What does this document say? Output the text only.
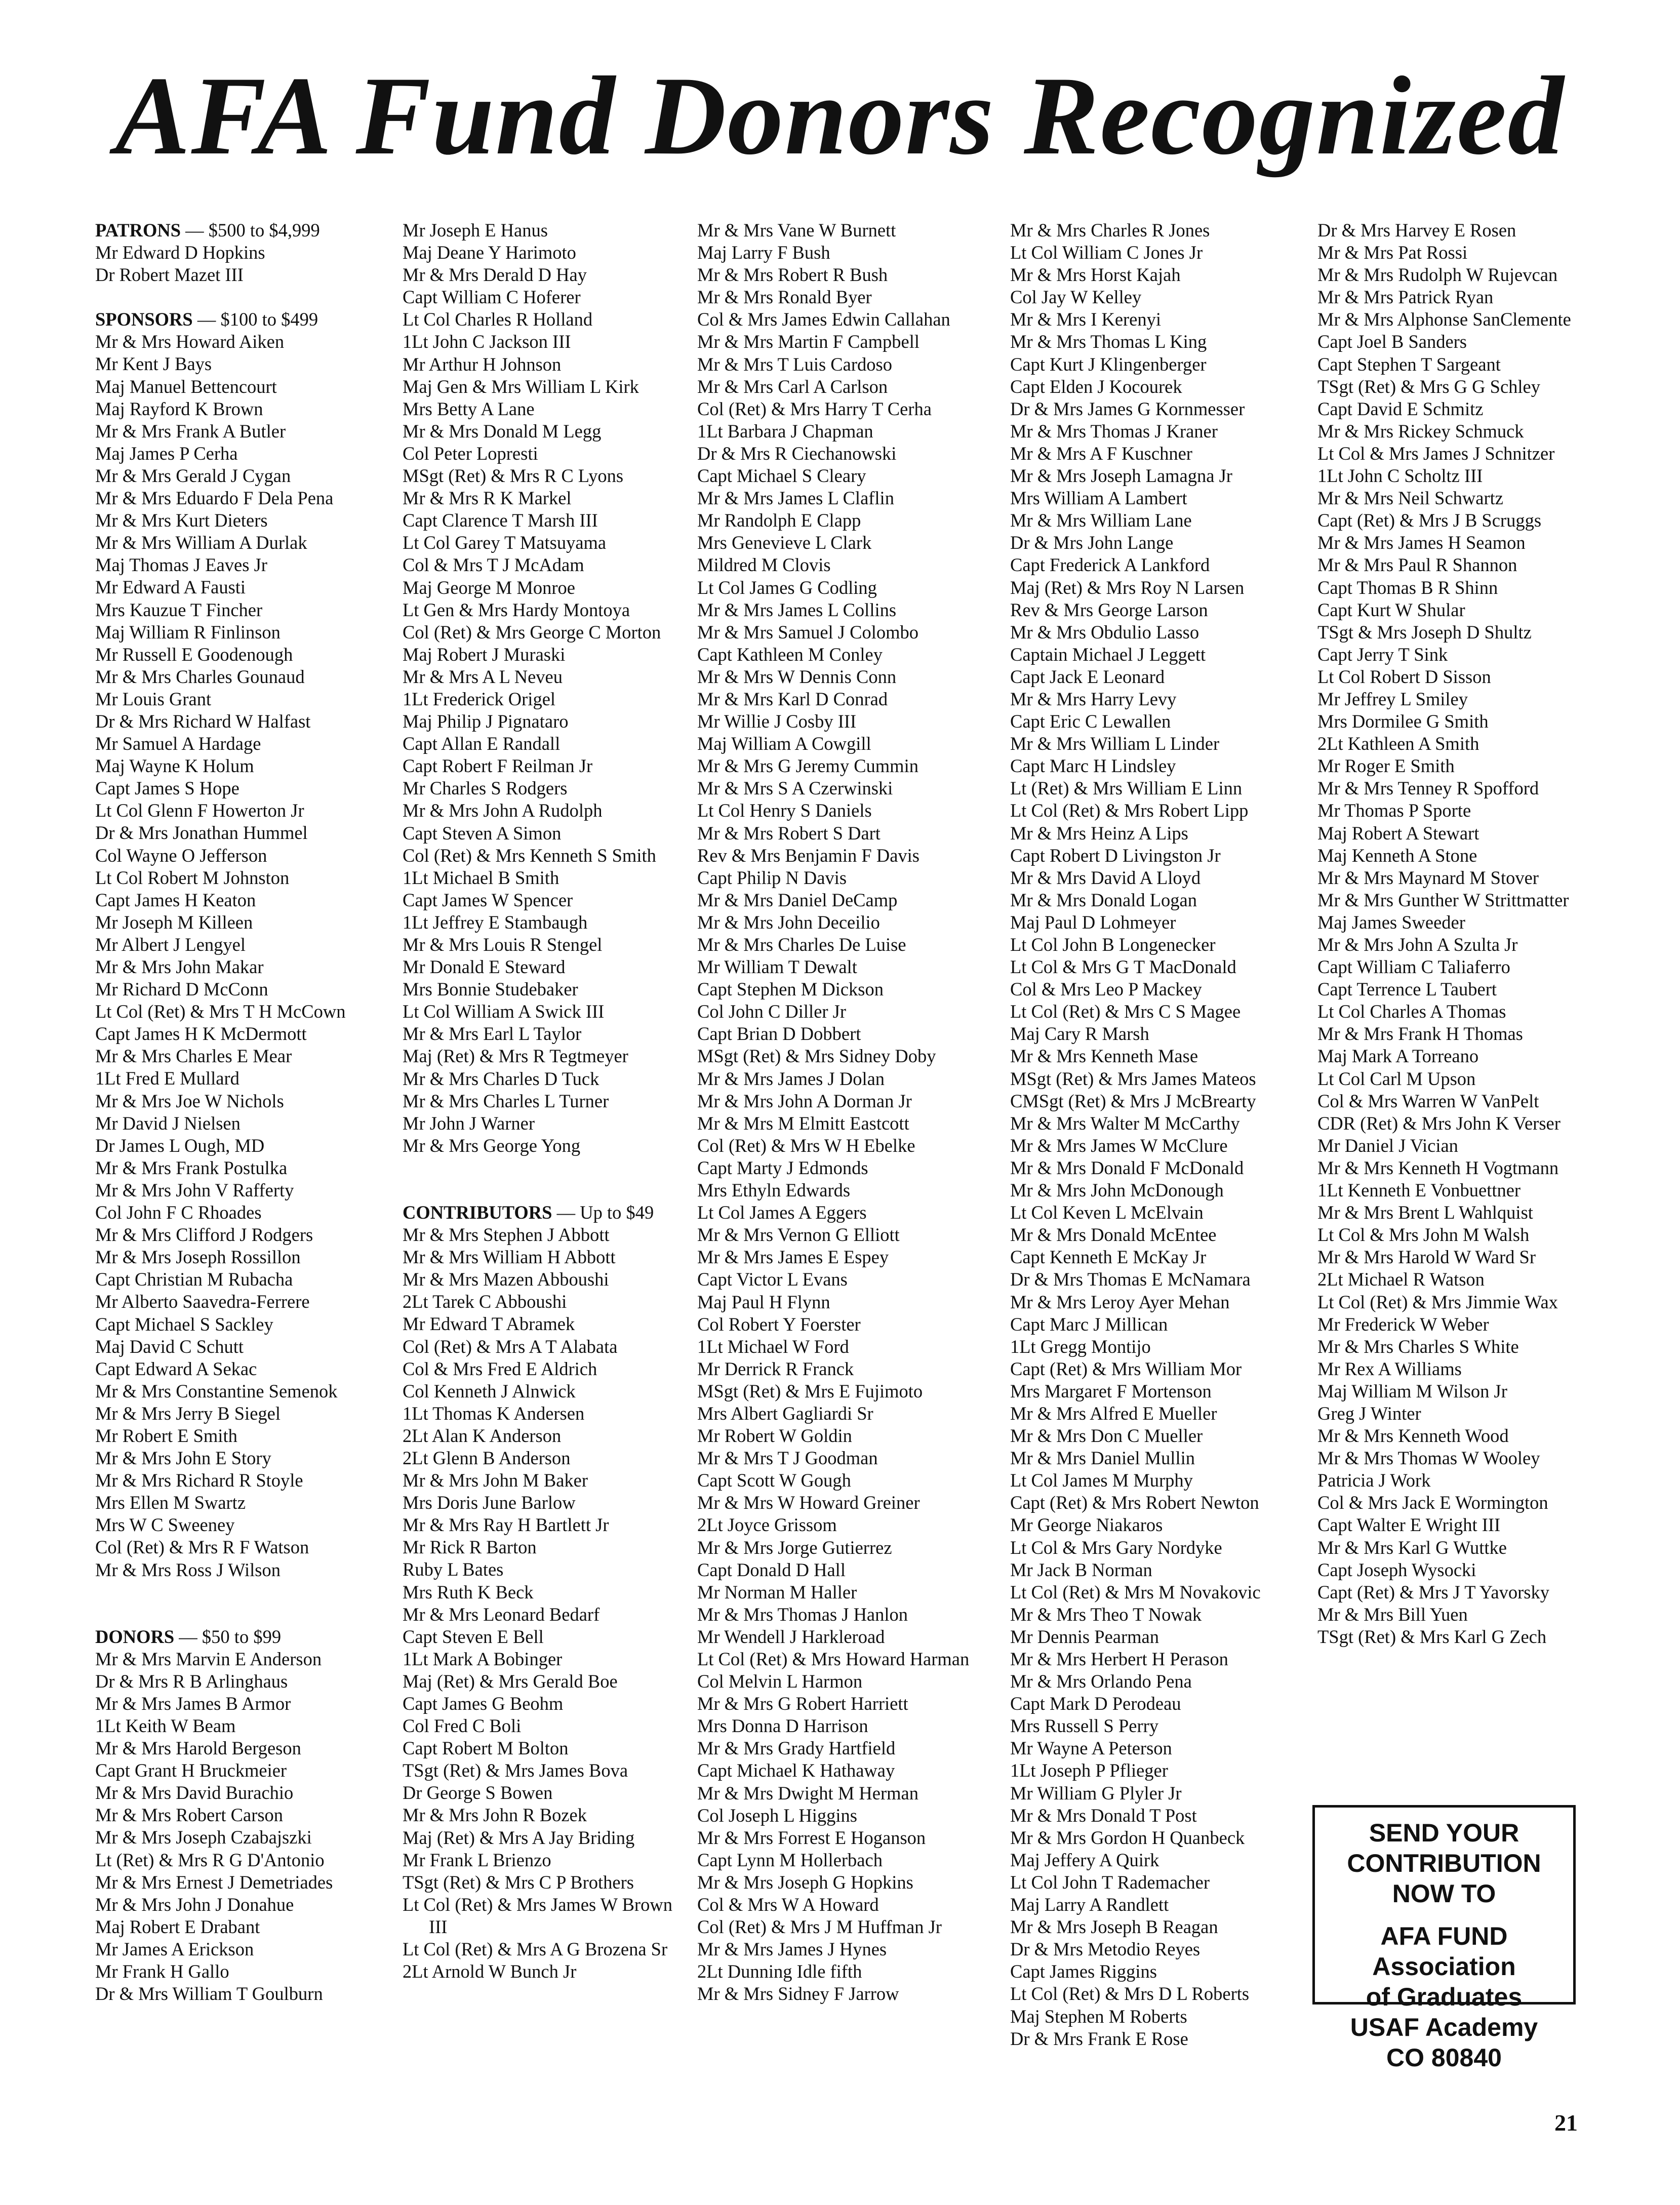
AFA Fund Donors Recognized
PATRONS — $500 to $4,999
Mr Edward D Hopkins
Dr Robert Mazet III
SPONSORS — $100 to $499
Mr & Mrs Howard Aiken
Mr Kent J Bays
Maj Manuel Bettencourt
Maj Rayford K Brown
Mr & Mrs Frank A Butler
Maj James P Cerha
Mr & Mrs Gerald J Cygan
Mr & Mrs Eduardo F Dela Pena
Mr & Mrs Kurt Dieters
Mr & Mrs William A Durlak
Maj Thomas J Eaves Jr
Mr Edward A Fausti
Mrs Kauzue T Fincher
Maj William R Finlinson
Mr Russell E Goodenough
Mr & Mrs Charles Gounaud
Mr Louis Grant
Dr & Mrs Richard W Halfast
Mr Samuel A Hardage
Maj Wayne K Holum
Capt James S Hope
Lt Col Glenn F Howerton Jr
Dr & Mrs Jonathan Hummel
Col Wayne O Jefferson
Lt Col Robert M Johnston
Capt James H Keaton
Mr Joseph M Killeen
Mr Albert J Lengyel
Mr & Mrs John Makar
Mr Richard D McConn
Lt Col (Ret) & Mrs T H McCown
Capt James H K McDermott
Mr & Mrs Charles E Mear
1Lt Fred E Mullard
Mr & Mrs Joe W Nichols
Mr David J Nielsen
Dr James L Ough, MD
Mr & Mrs Frank Postulka
Mr & Mrs John V Rafferty
Col John F C Rhoades
Mr & Mrs Clifford J Rodgers
Mr & Mrs Joseph Rossillon
Capt Christian M Rubacha
Mr Alberto Saavedra-Ferrere
Capt Michael S Sackley
Maj David C Schutt
Capt Edward A Sekac
Mr & Mrs Constantine Semenok
Mr & Mrs Jerry B Siegel
Mr Robert E Smith
Mr & Mrs John E Story
Mr & Mrs Richard R Stoyle
Mrs Ellen M Swartz
Mrs W C Sweeney
Col (Ret) & Mrs R F Watson
Mr & Mrs Ross J Wilson
DONORS — $50 to $99
Mr & Mrs Marvin E Anderson
Dr & Mrs R B Arlinghaus
Mr & Mrs James B Armor
1Lt Keith W Beam
Mr & Mrs Harold Bergeson
Capt Grant H Bruckmeier
Mr & Mrs David Burachio
Mr & Mrs Robert Carson
Mr & Mrs Joseph Czabajszki
Lt (Ret) & Mrs R G D'Antonio
Mr & Mrs Ernest J Demetriades
Mr & Mrs John J Donahue
Maj Robert E Drabant
Mr James A Erickson
Mr Frank H Gallo
Dr & Mrs William T Goulburn
Mr Joseph E Hanus
Maj Deane Y Harimoto
Mr & Mrs Derald D Hay
Capt William C Hoferer
Lt Col Charles R Holland
1Lt John C Jackson III
Mr Arthur H Johnson
Maj Gen & Mrs William L Kirk
Mrs Betty A Lane
Mr & Mrs Donald M Legg
Col Peter Lopresti
MSgt (Ret) & Mrs R C Lyons
Mr & Mrs R K Markel
Capt Clarence T Marsh III
Lt Col Garey T Matsuyama
Col & Mrs T J McAdam
Maj George M Monroe
Lt Gen & Mrs Hardy Montoya
Col (Ret) & Mrs George C Morton
Maj Robert J Muraski
Mr & Mrs A L Neveu
1Lt Frederick Origel
Maj Philip J Pignataro
Capt Allan E Randall
Capt Robert F Reilman Jr
Mr Charles S Rodgers
Mr & Mrs John A Rudolph
Capt Steven A Simon
Col (Ret) & Mrs Kenneth S Smith
1Lt Michael B Smith
Capt James W Spencer
1Lt Jeffrey E Stambaugh
Mr & Mrs Louis R Stengel
Mr Donald E Steward
Mrs Bonnie Studebaker
Lt Col William A Swick III
Mr & Mrs Earl L Taylor
Maj (Ret) & Mrs R Tegtmeyer
Mr & Mrs Charles D Tuck
Mr & Mrs Charles L Turner
Mr John J Warner
Mr & Mrs George Yong
CONTRIBUTORS — Up to $49
Mr & Mrs Stephen J Abbott
Mr & Mrs William H Abbott
Mr & Mrs Mazen Abboushi
2Lt Tarek C Abboushi
Mr Edward T Abramek
Col (Ret) & Mrs A T Alabata
Col & Mrs Fred E Aldrich
Col Kenneth J Alnwick
1Lt Thomas K Andersen
2Lt Alan K Anderson
2Lt Glenn B Anderson
Mr & Mrs John M Baker
Mrs Doris June Barlow
Mr & Mrs Ray H Bartlett Jr
Mr Rick R Barton
Ruby L Bates
Mrs Ruth K Beck
Mr & Mrs Leonard Bedarf
Capt Steven E Bell
1Lt Mark A Bobinger
Maj (Ret) & Mrs Gerald Boe
Capt James G Beohm
Col Fred C Boli
Capt Robert M Bolton
TSgt (Ret) & Mrs James Bova
Dr George S Bowen
Mr & Mrs John R Bozek
Maj (Ret) & Mrs A Jay Briding
Mr Frank L Brienzo
TSgt (Ret) & Mrs C P Brothers
Lt Col (Ret) & Mrs James W Brown III
Lt Col (Ret) & Mrs A G Brozena Sr
2Lt Arnold W Bunch Jr
Mr & Mrs Vane W Burnett
Maj Larry F Bush
Mr & Mrs Robert R Bush
Mr & Mrs Ronald Byer
Col & Mrs James Edwin Callahan
Mr & Mrs Martin F Campbell
Mr & Mrs T Luis Cardoso
Mr & Mrs Carl A Carlson
Col (Ret) & Mrs Harry T Cerha
1Lt Barbara J Chapman
Dr & Mrs R Ciechanowski
Capt Michael S Cleary
Mr & Mrs James L Claflin
Mr Randolph E Clapp
Mrs Genevieve L Clark
Mildred M Clovis
Lt Col James G Codling
Mr & Mrs James L Collins
Mr & Mrs Samuel J Colombo
Capt Kathleen M Conley
Mr & Mrs W Dennis Conn
Mr & Mrs Karl D Conrad
Mr Willie J Cosby III
Maj William A Cowgill
Mr & Mrs G Jeremy Cummin
Mr & Mrs S A Czerwinski
Lt Col Henry S Daniels
Mr & Mrs Robert S Dart
Rev & Mrs Benjamin F Davis
Capt Philip N Davis
Mr & Mrs Daniel DeCamp
Mr & Mrs John Deceilio
Mr & Mrs Charles De Luise
Mr William T Dewalt
Capt Stephen M Dickson
Col John C Diller Jr
Capt Brian D Dobbert
MSgt (Ret) & Mrs Sidney Doby
Mr & Mrs James J Dolan
Mr & Mrs John A Dorman Jr
Mr & Mrs M Elmitt Eastcott
Col (Ret) & Mrs W H Ebelke
Capt Marty J Edmonds
Mrs Ethyln Edwards
Lt Col James A Eggers
Mr & Mrs Vernon G Elliott
Mr & Mrs James E Espey
Capt Victor L Evans
Maj Paul H Flynn
Col Robert Y Foerster
1Lt Michael W Ford
Mr Derrick R Franck
MSgt (Ret) & Mrs E Fujimoto
Mrs Albert Gagliardi Sr
Mr Robert W Goldin
Mr & Mrs T J Goodman
Capt Scott W Gough
Mr & Mrs W Howard Greiner
2Lt Joyce Grissom
Mr & Mrs Jorge Gutierrez
Capt Donald D Hall
Mr Norman M Haller
Mr & Mrs Thomas J Hanlon
Mr Wendell J Harkleroad
Lt Col (Ret) & Mrs Howard Harman
Col Melvin L Harmon
Mr & Mrs G Robert Harriett
Mrs Donna D Harrison
Mr & Mrs Grady Hartfield
Capt Michael K Hathaway
Mr & Mrs Dwight M Herman
Col Joseph L Higgins
Mr & Mrs Forrest E Hoganson
Capt Lynn M Hollerbach
Mr & Mrs Joseph G Hopkins
Col & Mrs W A Howard
Col (Ret) & Mrs J M Huffman Jr
Mr & Mrs James J Hynes
2Lt Dunning Idle fifth
Mr & Mrs Sidney F Jarrow
Mr & Mrs Charles R Jones
Lt Col William C Jones Jr
Mr & Mrs Horst Kajah
Col Jay W Kelley
Mr & Mrs I Kerenyi
Mr & Mrs Thomas L King
Capt Kurt J Klingenberger
Capt Elden J Kocourek
Dr & Mrs James G Kornmesser
Mr & Mrs Thomas J Kraner
Mr & Mrs A F Kuschner
Mr & Mrs Joseph Lamagna Jr
Mrs William A Lambert
Mr & Mrs William Lane
Dr & Mrs John Lange
Capt Frederick A Lankford
Maj (Ret) & Mrs Roy N Larsen
Rev & Mrs George Larson
Mr & Mrs Obdulio Lasso
Captain Michael J Leggett
Capt Jack E Leonard
Mr & Mrs Harry Levy
Capt Eric C Lewallen
Mr & Mrs William L Linder
Capt Marc H Lindsley
Lt (Ret) & Mrs William E Linn
Lt Col (Ret) & Mrs Robert Lipp
Mr & Mrs Heinz A Lips
Capt Robert D Livingston Jr
Mr & Mrs David A Lloyd
Mr & Mrs Donald Logan
Maj Paul D Lohmeyer
Lt Col John B Longenecker
Lt Col & Mrs G T MacDonald
Col & Mrs Leo P Mackey
Lt Col (Ret) & Mrs C S Magee
Maj Cary R Marsh
Mr & Mrs Kenneth Mase
MSgt (Ret) & Mrs James Mateos
CMSgt (Ret) & Mrs J McBrearty
Mr & Mrs Walter M McCarthy
Mr & Mrs James W McClure
Mr & Mrs Donald F McDonald
Mr & Mrs John McDonough
Lt Col Keven L McElvain
Mr & Mrs Donald McEntee
Capt Kenneth E McKay Jr
Dr & Mrs Thomas E McNamara
Mr & Mrs Leroy Ayer Mehan
Capt Marc J Millican
1Lt Gregg Montijo
Capt (Ret) & Mrs William Mor
Mrs Margaret F Mortenson
Mr & Mrs Alfred E Mueller
Mr & Mrs Don C Mueller
Mr & Mrs Daniel Mullin
Lt Col James M Murphy
Capt (Ret) & Mrs Robert Newton
Mr George Niakaros
Lt Col & Mrs Gary Nordyke
Mr Jack B Norman
Lt Col (Ret) & Mrs M Novakovic
Mr & Mrs Theo T Nowak
Mr Dennis Pearman
Mr & Mrs Herbert H Perason
Mr & Mrs Orlando Pena
Capt Mark D Perodeau
Mrs Russell S Perry
Mr Wayne A Peterson
1Lt Joseph P Pflieger
Mr William G Plyler Jr
Mr & Mrs Donald T Post
Mr & Mrs Gordon H Quanbeck
Maj Jeffery A Quirk
Lt Col John T Rademacher
Maj Larry A Randlett
Mr & Mrs Joseph B Reagan
Dr & Mrs Metodio Reyes
Capt James Riggins
Lt Col (Ret) & Mrs D L Roberts
Maj Stephen M Roberts
Dr & Mrs Frank E Rose
Dr & Mrs Harvey E Rosen
Mr & Mrs Pat Rossi
Mr & Mrs Rudolph W Rujevcan
Mr & Mrs Patrick Ryan
Mr & Mrs Alphonse SanClemente
Capt Joel B Sanders
Capt Stephen T Sargeant
TSgt (Ret) & Mrs G G Schley
Capt David E Schmitz
Mr & Mrs Rickey Schmuck
Lt Col & Mrs James J Schnitzer
1Lt John C Scholtz III
Mr & Mrs Neil Schwartz
Capt (Ret) & Mrs J B Scruggs
Mr & Mrs James H Seamon
Mr & Mrs Paul R Shannon
Capt Thomas B R Shinn
Capt Kurt W Shular
TSgt & Mrs Joseph D Shultz
Capt Jerry T Sink
Lt Col Robert D Sisson
Mr Jeffrey L Smiley
Mrs Dormilee G Smith
2Lt Kathleen A Smith
Mr Roger E Smith
Mr & Mrs Tenney R Spofford
Mr Thomas P Sporte
Maj Robert A Stewart
Maj Kenneth A Stone
Mr & Mrs Maynard M Stover
Mr & Mrs Gunther W Strittmatter
Maj James Sweeder
Mr & Mrs John A Szulta Jr
Capt William C Taliaferro
Capt Terrence L Taubert
Lt Col Charles A Thomas
Mr & Mrs Frank H Thomas
Maj Mark A Torreano
Lt Col Carl M Upson
Col & Mrs Warren W VanPelt
CDR (Ret) & Mrs John K Verser
Mr Daniel J Vician
Mr & Mrs Kenneth H Vogtmann
1Lt Kenneth E Vonbuettner
Mr & Mrs Brent L Wahlquist
Lt Col & Mrs John M Walsh
Mr & Mrs Harold W Ward Sr
2Lt Michael R Watson
Lt Col (Ret) & Mrs Jimmie Wax
Mr Frederick W Weber
Mr & Mrs Charles S White
Mr Rex A Williams
Maj William M Wilson Jr
Greg J Winter
Mr & Mrs Kenneth Wood
Mr & Mrs Thomas W Wooley
Patricia J Work
Col & Mrs Jack E Wormington
Capt Walter E Wright III
Mr & Mrs Karl G Wuttke
Capt Joseph Wysocki
Capt (Ret) & Mrs J T Yavorsky
Mr & Mrs Bill Yuen
TSgt (Ret) & Mrs Karl G Zech
SEND YOUR
CONTRIBUTION
NOW TO
AFA FUND
Association
of Graduates
USAF Academy
CO 80840
21
